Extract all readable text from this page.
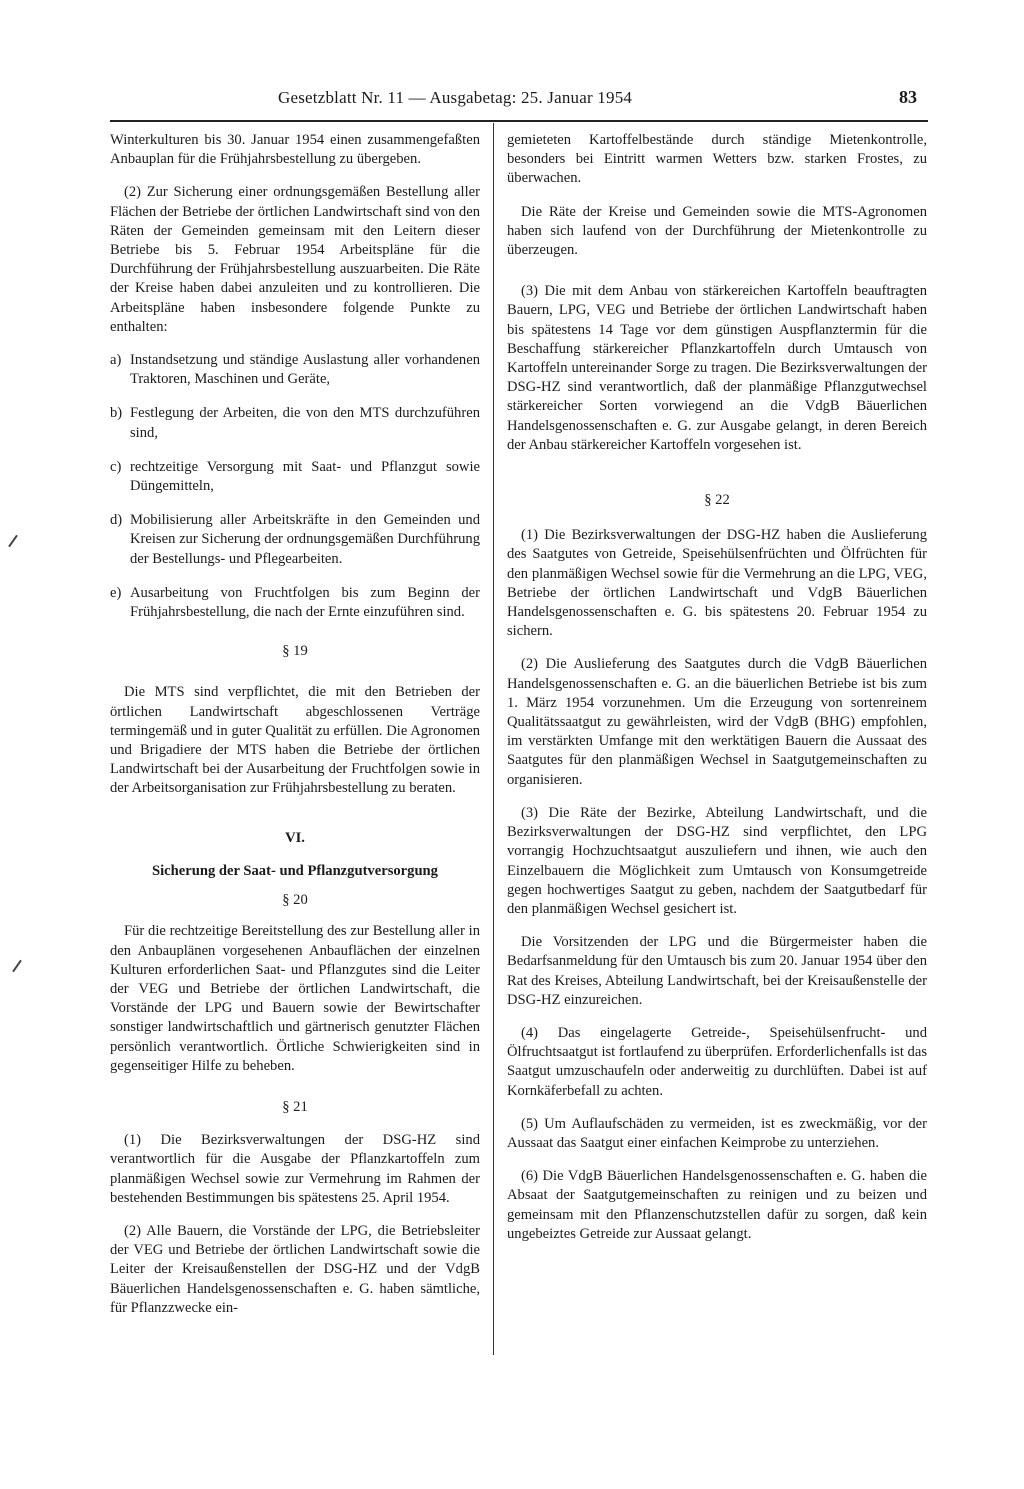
Gesetzblatt Nr. 11 — Ausgabetag: 25. Januar 1954	83

Winterkulturen bis 30. Januar 1954 einen zusammengefaßten Anbauplan für die Frühjahrsbestellung zu übergeben.

(2) Zur Sicherung einer ordnungsgemäßen Bestellung aller Flächen der Betriebe der örtlichen Landwirtschaft sind von den Räten der Gemeinden gemeinsam mit den Leitern dieser Betriebe bis 5. Februar 1954 Arbeitspläne für die Durchführung der Frühjahrsbestellung auszuarbeiten. Die Räte der Kreise haben dabei anzuleiten und zu kontrollieren. Die Arbeitspläne haben insbesondere folgende Punkte zu enthalten:

a) Instandsetzung und ständige Auslastung aller vorhandenen Traktoren, Maschinen und Geräte,
b) Festlegung der Arbeiten, die von den MTS durchzuführen sind,
c) rechtzeitige Versorgung mit Saat- und Pflanzgut sowie Düngemitteln,
d) Mobilisierung aller Arbeitskräfte in den Gemeinden und Kreisen zur Sicherung der ordnungsgemäßen Durchführung der Bestellungs- und Pflegearbeiten.
e) Ausarbeitung von Fruchtfolgen bis zum Beginn der Frühjahrsbestellung, die nach der Ernte einzuführen sind.

§ 19

Die MTS sind verpflichtet, die mit den Betrieben der örtlichen Landwirtschaft abgeschlossenen Verträge termingemäß und in guter Qualität zu erfüllen. Die Agronomen und Brigadiere der MTS haben die Betriebe der örtlichen Landwirtschaft bei der Ausarbeitung der Fruchtfolgen sowie in der Arbeitsorganisation zur Frühjahrsbestellung zu beraten.

VI.

Sicherung der Saat- und Pflanzgutversorgung

§ 20

Für die rechtzeitige Bereitstellung des zur Bestellung aller in den Anbauplänen vorgesehenen Anbauflächen der einzelnen Kulturen erforderlichen Saat- und Pflanzgutes sind die Leiter der VEG und Betriebe der örtlichen Landwirtschaft, die Vorstände der LPG und Bauern sowie der Bewirtschafter sonstiger landwirtschaftlich und gärtnerisch genutzter Flächen persönlich verantwortlich. Örtliche Schwierigkeiten sind in gegenseitiger Hilfe zu beheben.

§ 21

(1) Die Bezirksverwaltungen der DSG-HZ sind verantwortlich für die Ausgabe der Pflanzkartoffeln zum planmäßigen Wechsel sowie zur Vermehrung im Rahmen der bestehenden Bestimmungen bis spätestens 25. April 1954.

(2) Alle Bauern, die Vorstände der LPG, die Betriebsleiter der VEG und Betriebe der örtlichen Landwirtschaft sowie die Leiter der Kreisaußenstellen der DSG-HZ und der VdgB Bäuerlichen Handelsgenossenschaften e. G. haben sämtliche, für Pflanzzwecke ein-

gemieteten Kartoffelbestände durch ständige Mietenkontrolle, besonders bei Eintritt warmen Wetters bzw. starken Frostes, zu überwachen.

Die Räte der Kreise und Gemeinden sowie die MTS-Agronomen haben sich laufend von der Durchführung der Mietenkontrolle zu überzeugen.

(3) Die mit dem Anbau von stärkereichen Kartoffeln beauftragten Bauern, LPG, VEG und Betriebe der örtlichen Landwirtschaft haben bis spätestens 14 Tage vor dem günstigen Auspflanztermin für die Beschaffung stärkereicher Pflanzkartoffeln durch Umtausch von Kartoffeln untereinander Sorge zu tragen. Die Bezirksverwaltungen der DSG-HZ sind verantwortlich, daß der planmäßige Pflanzgutwechsel stärkereicher Sorten vorwiegend an die VdgB Bäuerlichen Handelsgenossenschaften e. G. zur Ausgabe gelangt, in deren Bereich der Anbau stärkereicher Kartoffeln vorgesehen ist.

§ 22

(1) Die Bezirksverwaltungen der DSG-HZ haben die Auslieferung des Saatgutes von Getreide, Speisehülsenfrüchten und Ölfrüchten für den planmäßigen Wechsel sowie für die Vermehrung an die LPG, VEG, Betriebe der örtlichen Landwirtschaft und VdgB Bäuerlichen Handelsgenossenschaften e. G. bis spätestens 20. Februar 1954 zu sichern.

(2) Die Auslieferung des Saatgutes durch die VdgB Bäuerlichen Handelsgenossenschaften e. G. an die bäuerlichen Betriebe ist bis zum 1. März 1954 vorzunehmen. Um die Erzeugung von sortenreinem Qualitätssaatgut zu gewährleisten, wird der VdgB (BHG) empfohlen, im verstärkten Umfange mit den werktätigen Bauern die Aussaat des Saatgutes für den planmäßigen Wechsel in Saatgutgemeinschaften zu organisieren.

(3) Die Räte der Bezirke, Abteilung Landwirtschaft, und die Bezirksverwaltungen der DSG-HZ sind verpflichtet, den LPG vorrangig Hochzuchtsaatgut auszuliefern und ihnen, wie auch den Einzelbauern die Möglichkeit zum Umtausch von Konsumgetreide gegen hochwertiges Saatgut zu geben, nachdem der Saatgutbedarf für den planmäßigen Wechsel gesichert ist.

Die Vorsitzenden der LPG und die Bürgermeister haben die Bedarfsanmeldung für den Umtausch bis zum 20. Januar 1954 über den Rat des Kreises, Abteilung Landwirtschaft, bei der Kreisaußenstelle der DSG-HZ einzureichen.

(4) Das eingelagerte Getreide-, Speisehülsenfrucht- und Ölfruchtsaatgut ist fortlaufend zu überprüfen. Erforderlichenfalls ist das Saatgut umzuschaufeln oder anderweitig zu durchlüften. Dabei ist auf Kornkäferbefall zu achten.

(5) Um Auflaufschäden zu vermeiden, ist es zweckmäßig, vor der Aussaat das Saatgut einer einfachen Keimprobe zu unterziehen.

(6) Die VdgB Bäuerlichen Handelsgenossenschaften e. G. haben die Absaat der Saatgutgemeinschaften zu reinigen und zu beizen und gemeinsam mit den Pflanzenschutzstellen dafür zu sorgen, daß kein ungebeiztes Getreide zur Aussaat gelangt.
